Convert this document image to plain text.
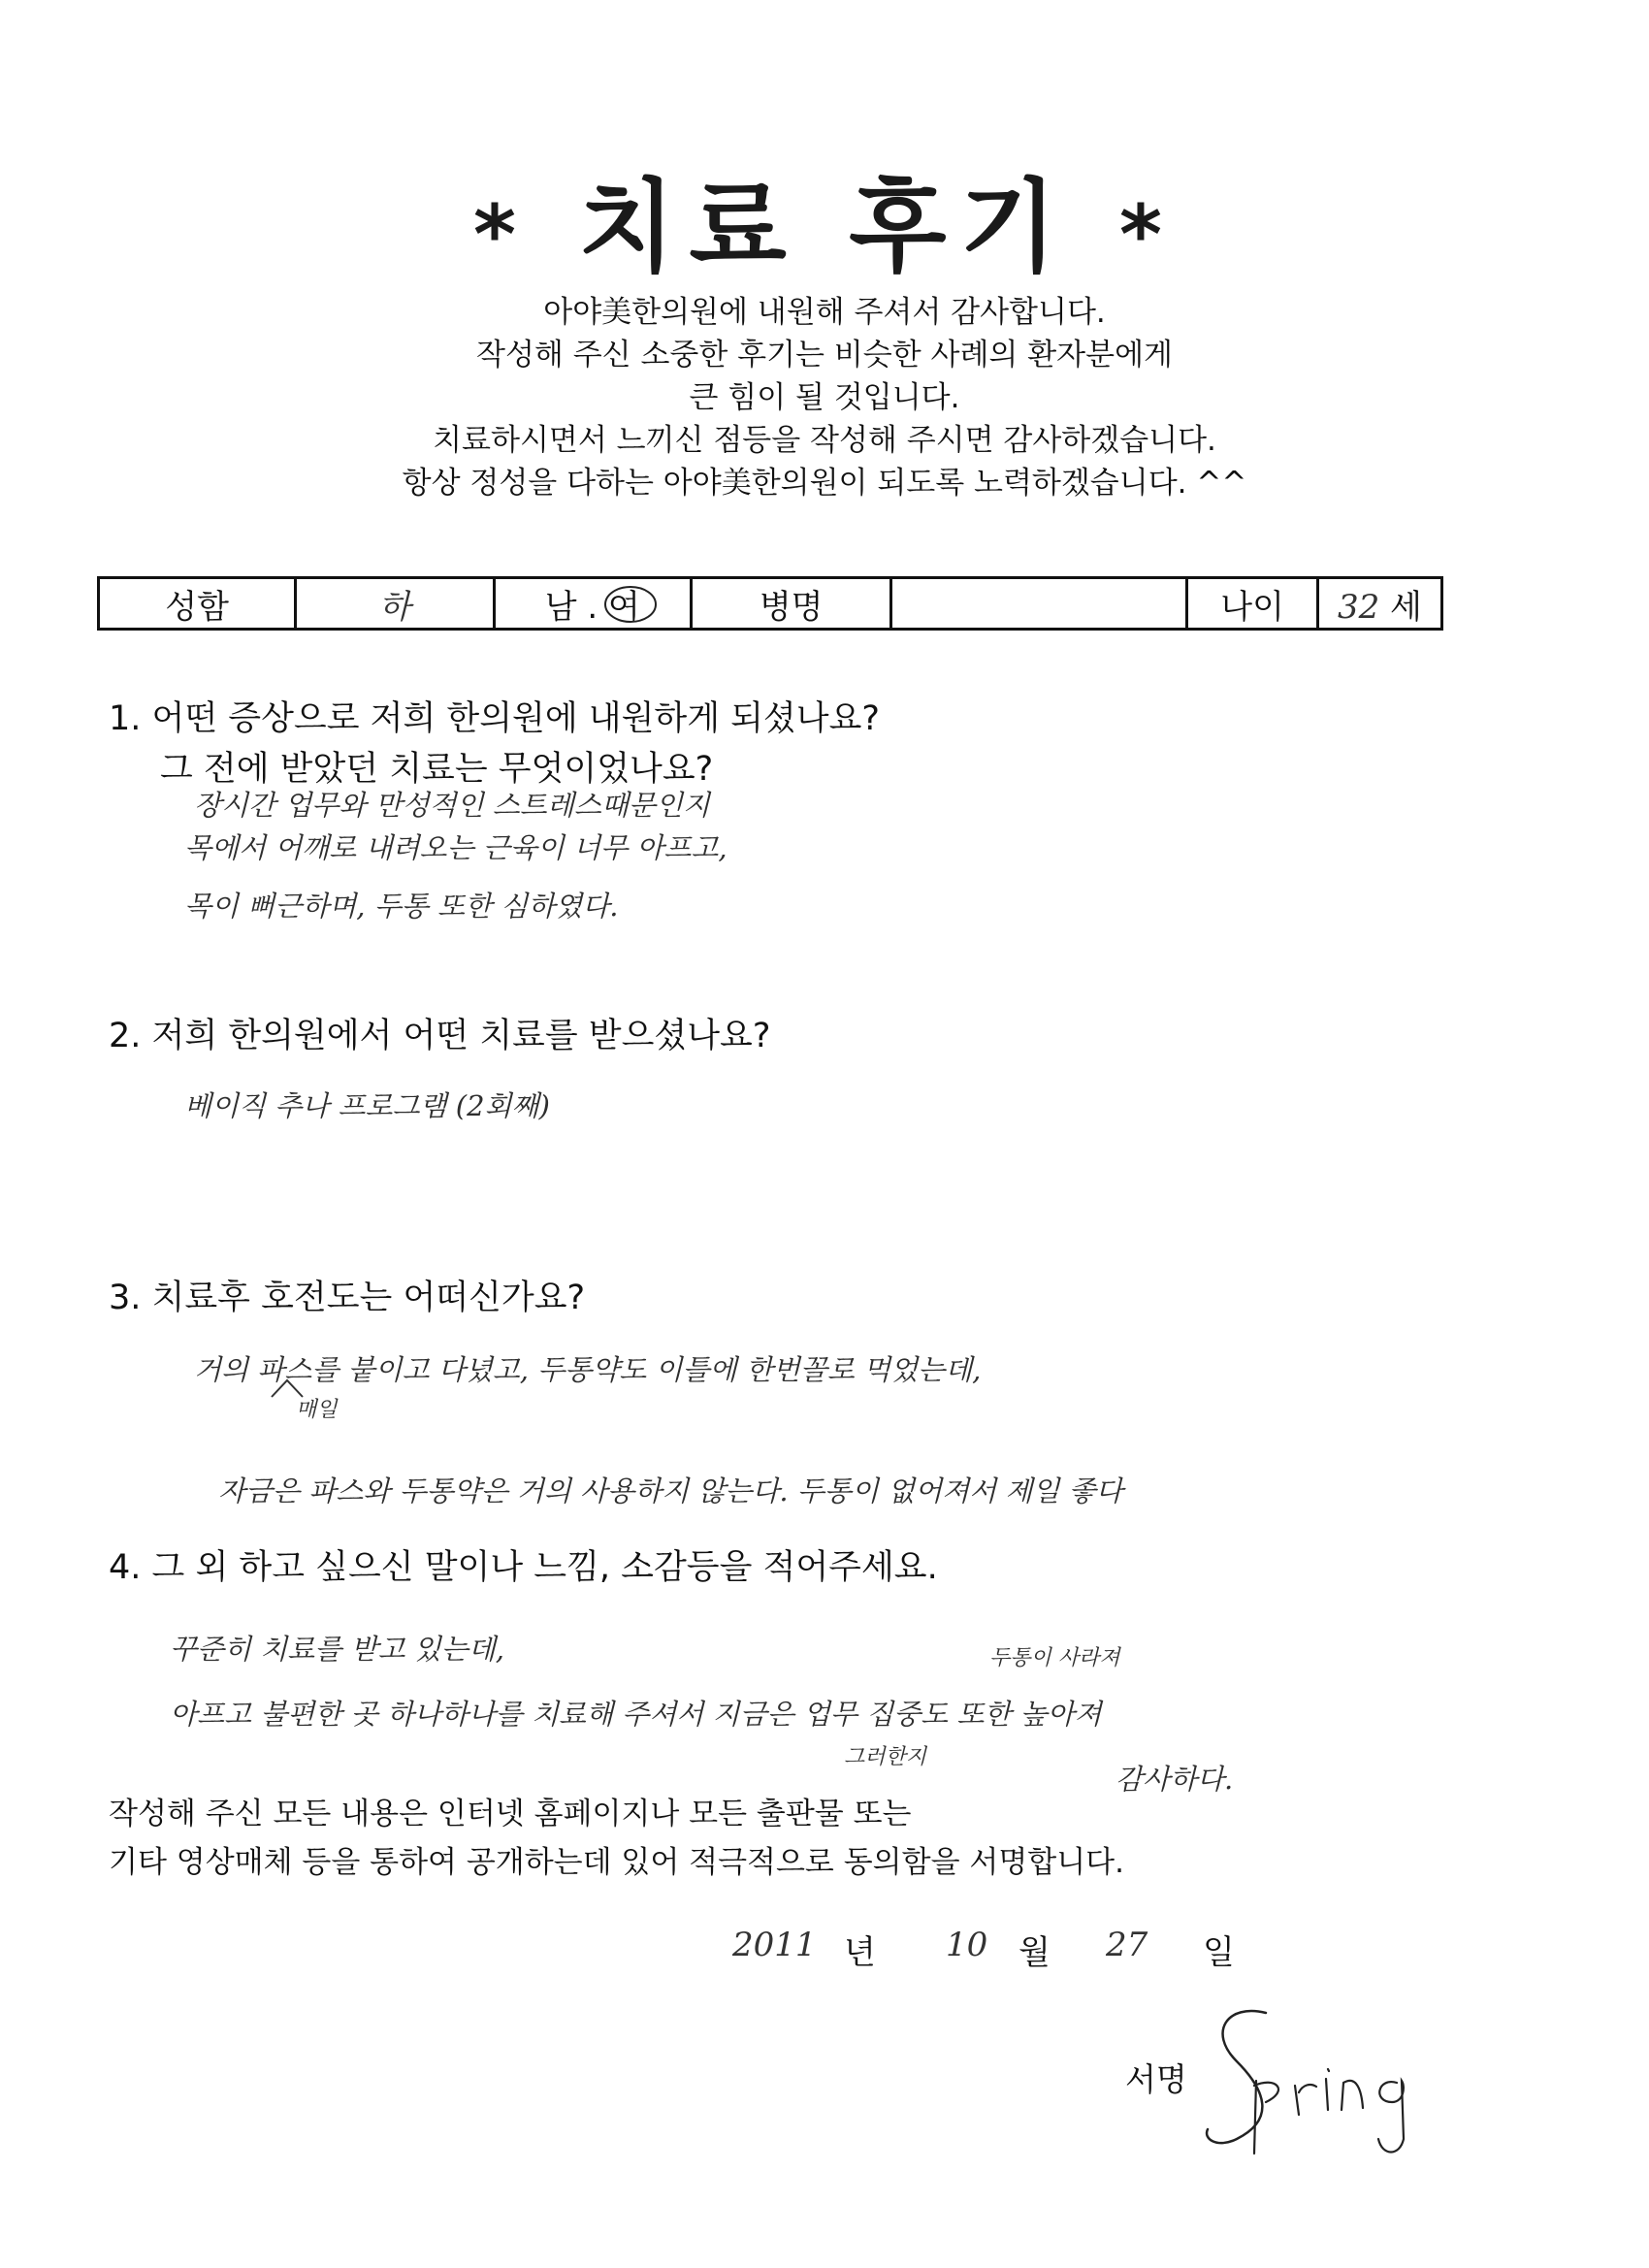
* 치료 후기 *
아야美한의원에 내원해 주셔서 감사합니다.
작성해 주신 소중한 후기는 비슷한 사례의 환자분에게
큰 힘이 될 것입니다.
치료하시면서 느끼신 점등을 작성해 주시면 감사하겠습니다.
항상 정성을 다하는 아야美한의원이 되도록 노력하겠습니다. ^^
성함	하	남 . 여	병명		나이	32 세
1. 어떤 증상으로 저희 한의원에 내원하게 되셨나요?
그 전에 받았던 치료는 무엇이었나요?
장시간 업무와 만성적인 스트레스때문인지
목에서 어깨로 내려오는 근육이 너무 아프고,
목이 뻐근하며, 두통 또한 심하였다.
2. 저희 한의원에서 어떤 치료를 받으셨나요?
베이직 추나 프로그램 (2회째)
3. 치료후 호전도는 어떠신가요?
거의 파스를 붙이고 다녔고, 두통약도 이틀에 한번꼴로 먹었는데,
매일
자금은 파스와 두통약은 거의 사용하지 않는다. 두통이 없어져서 제일 좋다
4. 그 외 하고 싶으신 말이나 느낌, 소감등을 적어주세요.
꾸준히 치료를 받고 있는데,	두통이 사라져
아프고 불편한 곳 하나하나를 치료해 주셔서 지금은 업무 집중도 또한 높아져
그러한지
감사하다.
작성해 주신 모든 내용은 인터넷 홈페이지나 모든 출판물 또는
기타 영상매체 등을 통하여 공개하는데 있어 적극적으로 동의함을 서명합니다.
2011 년 10 월 27 일
서명
